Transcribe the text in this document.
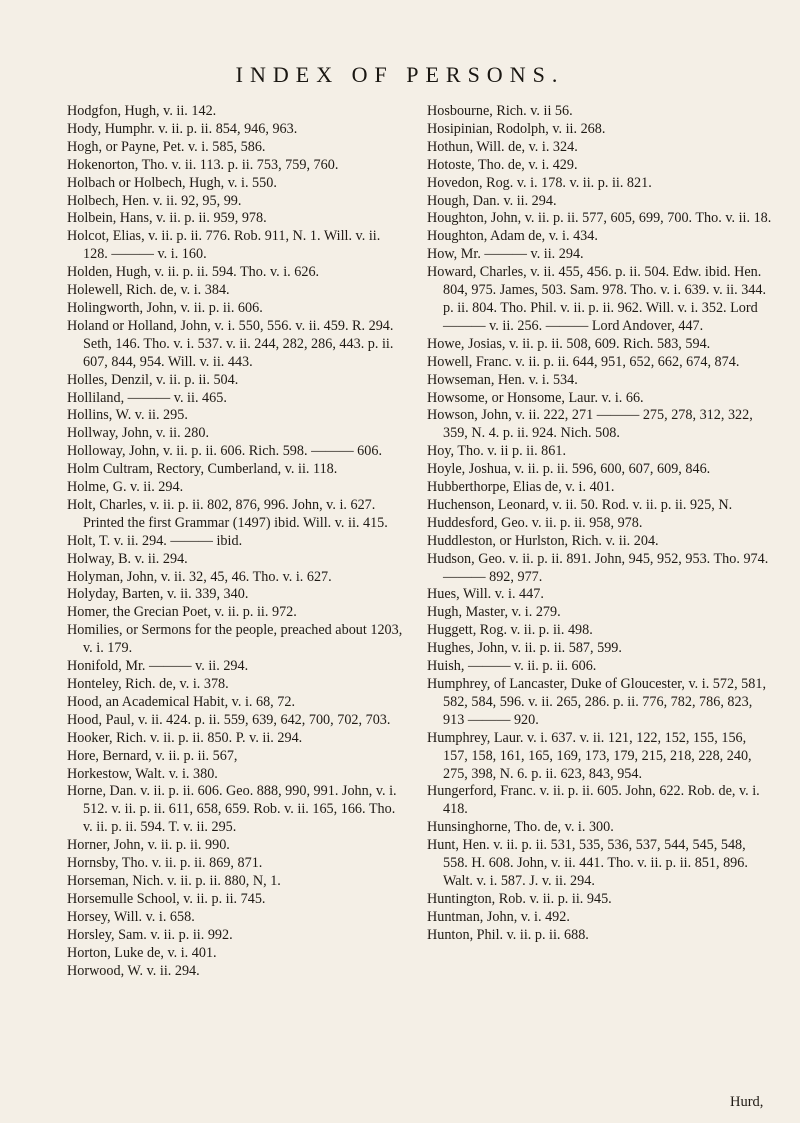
INDEX OF PERSONS.

Hodgfon, Hugh, v. ii. 142.

Hody, Humphr. v. ii. p. ii. 854, 946, 963.

Hogh, or Payne, Pet. v. i. 585, 586.

Hokenorton, Tho. v. ii. 113. p. ii. 753, 759, 760.

Holbach or Holbech, Hugh, v. i. 550.

Holbech, Hen. v. ii. 92, 95, 99.

Holbein, Hans, v. ii. p. ii. 959, 978.

Holcot, Elias, v. ii. p. ii. 776. Rob. 911, N. 1. Will. v. ii. 128. ——— v. i. 160.

Holden, Hugh, v. ii. p. ii. 594. Tho. v. i. 626.

Holewell, Rich. de, v. i. 384.

Holingworth, John, v. ii. p. ii. 606.

Holand or Holland, John, v. i. 550, 556. v. ii. 459. R. 294. Seth, 146. Tho. v. i. 537. v. ii. 244, 282, 286, 443. p. ii. 607, 844, 954. Will. v. ii. 443.

Holles, Denzil, v. ii. p. ii. 504.

Holliland, ——— v. ii. 465.

Hollins, W. v. ii. 295.

Hollway, John, v. ii. 280.

Holloway, John, v. ii. p. ii. 606. Rich. 598. ——— 606.

Holm Cultram, Rectory, Cumberland, v. ii. 118.

Holme, G. v. ii. 294.

Holt, Charles, v. ii. p. ii. 802, 876, 996. John, v. i. 627. Printed the first Grammar (1497) ibid. Will. v. ii. 415.

Holt, T. v. ii. 294. ——— ibid.

Holway, B. v. ii. 294.

Holyman, John, v. ii. 32, 45, 46. Tho. v. i. 627.

Holyday, Barten, v. ii. 339, 340.

Homer, the Grecian Poet, v. ii. p. ii. 972.

Homilies, or Sermons for the people, preached about 1203, v. i. 179.

Honifold, Mr. ——— v. ii. 294.

Honteley, Rich. de, v. i. 378.

Hood, an Academical Habit, v. i. 68, 72.

Hood, Paul, v. ii. 424. p. ii. 559, 639, 642, 700, 702, 703.

Hooker, Rich. v. ii. p. ii. 850. P. v. ii. 294.

Hore, Bernard, v. ii. p. ii. 567,

Horkestow, Walt. v. i. 380.

Horne, Dan. v. ii. p. ii. 606. Geo. 888, 990, 991. John, v. i. 512. v. ii. p. ii. 611, 658, 659. Rob. v. ii. 165, 166. Tho. v. ii. p. ii. 594. T. v. ii. 295.

Horner, John, v. ii. p. ii. 990.

Hornsby, Tho. v. ii. p. ii. 869, 871.

Horseman, Nich. v. ii. p. ii. 880, N, 1.

Horsemulle School, v. ii. p. ii. 745.

Horsey, Will. v. i. 658.

Horsley, Sam. v. ii. p. ii. 992.

Horton, Luke de, v. i. 401.

Horwood, W. v. ii. 294.

Hosbourne, Rich. v. ii 56.

Hosipinian, Rodolph, v. ii. 268.

Hothun, Will. de, v. i. 324.

Hotoste, Tho. de, v. i. 429.

Hovedon, Rog. v. i. 178. v. ii. p. ii. 821.

Hough, Dan. v. ii. 294.

Houghton, John, v. ii. p. ii. 577, 605, 699, 700. Tho. v. ii. 18.

Houghton, Adam de, v. i. 434.

How, Mr. ——— v. ii. 294.

Howard, Charles, v. ii. 455, 456. p. ii. 504. Edw. ibid. Hen. 804, 975. James, 503. Sam. 978. Tho. v. i. 639. v. ii. 344. p. ii. 804. Tho. Phil. v. ii. p. ii. 962. Will. v. i. 352. Lord ——— v. ii. 256. ——— Lord Andover, 447.

Howe, Josias, v. ii. p. ii. 508, 609. Rich. 583, 594.

Howell, Franc. v. ii. p. ii. 644, 951, 652, 662, 674, 874.

Howseman, Hen. v. i. 534.

Howsome, or Honsome, Laur. v. i. 66.

Howson, John, v. ii. 222, 271 ——— 275, 278, 312, 322, 359, N. 4. p. ii. 924. Nich. 508.

Hoy, Tho. v. ii p. ii. 861.

Hoyle, Joshua, v. ii. p. ii. 596, 600, 607, 609, 846.

Hubberthorpe, Elias de, v. i. 401.

Huchenson, Leonard, v. ii. 50. Rod. v. ii. p. ii. 925, N.

Huddesford, Geo. v. ii. p. ii. 958, 978.

Huddleston, or Hurlston, Rich. v. ii. 204.

Hudson, Geo. v. ii. p. ii. 891. John, 945, 952, 953. Tho. 974. ——— 892, 977.

Hues, Will. v. i. 447.

Hugh, Master, v. i. 279.

Huggett, Rog. v. ii. p. ii. 498.

Hughes, John, v. ii. p. ii. 587, 599.

Huish, ——— v. ii. p. ii. 606.

Humphrey, of Lancaster, Duke of Gloucester, v. i. 572, 581, 582, 584, 596. v. ii. 265, 286. p. ii. 776, 782, 786, 823, 913 ——— 920.

Humphrey, Laur. v. i. 637. v. ii. 121, 122, 152, 155, 156, 157, 158, 161, 165, 169, 173, 179, 215, 218, 228, 240, 275, 398, N. 6. p. ii. 623, 843, 954.

Hungerford, Franc. v. ii. p. ii. 605. John, 622. Rob. de, v. i. 418.

Hunsinghorne, Tho. de, v. i. 300.

Hunt, Hen. v. ii. p. ii. 531, 535, 536, 537, 544, 545, 548, 558. H. 608. John, v. ii. 441. Tho. v. ii. p. ii. 851, 896. Walt. v. i. 587. J. v. ii. 294.

Huntington, Rob. v. ii. p. ii. 945.

Huntman, John, v. i. 492.

Hunton, Phil. v. ii. p. ii. 688.

Hurd,
